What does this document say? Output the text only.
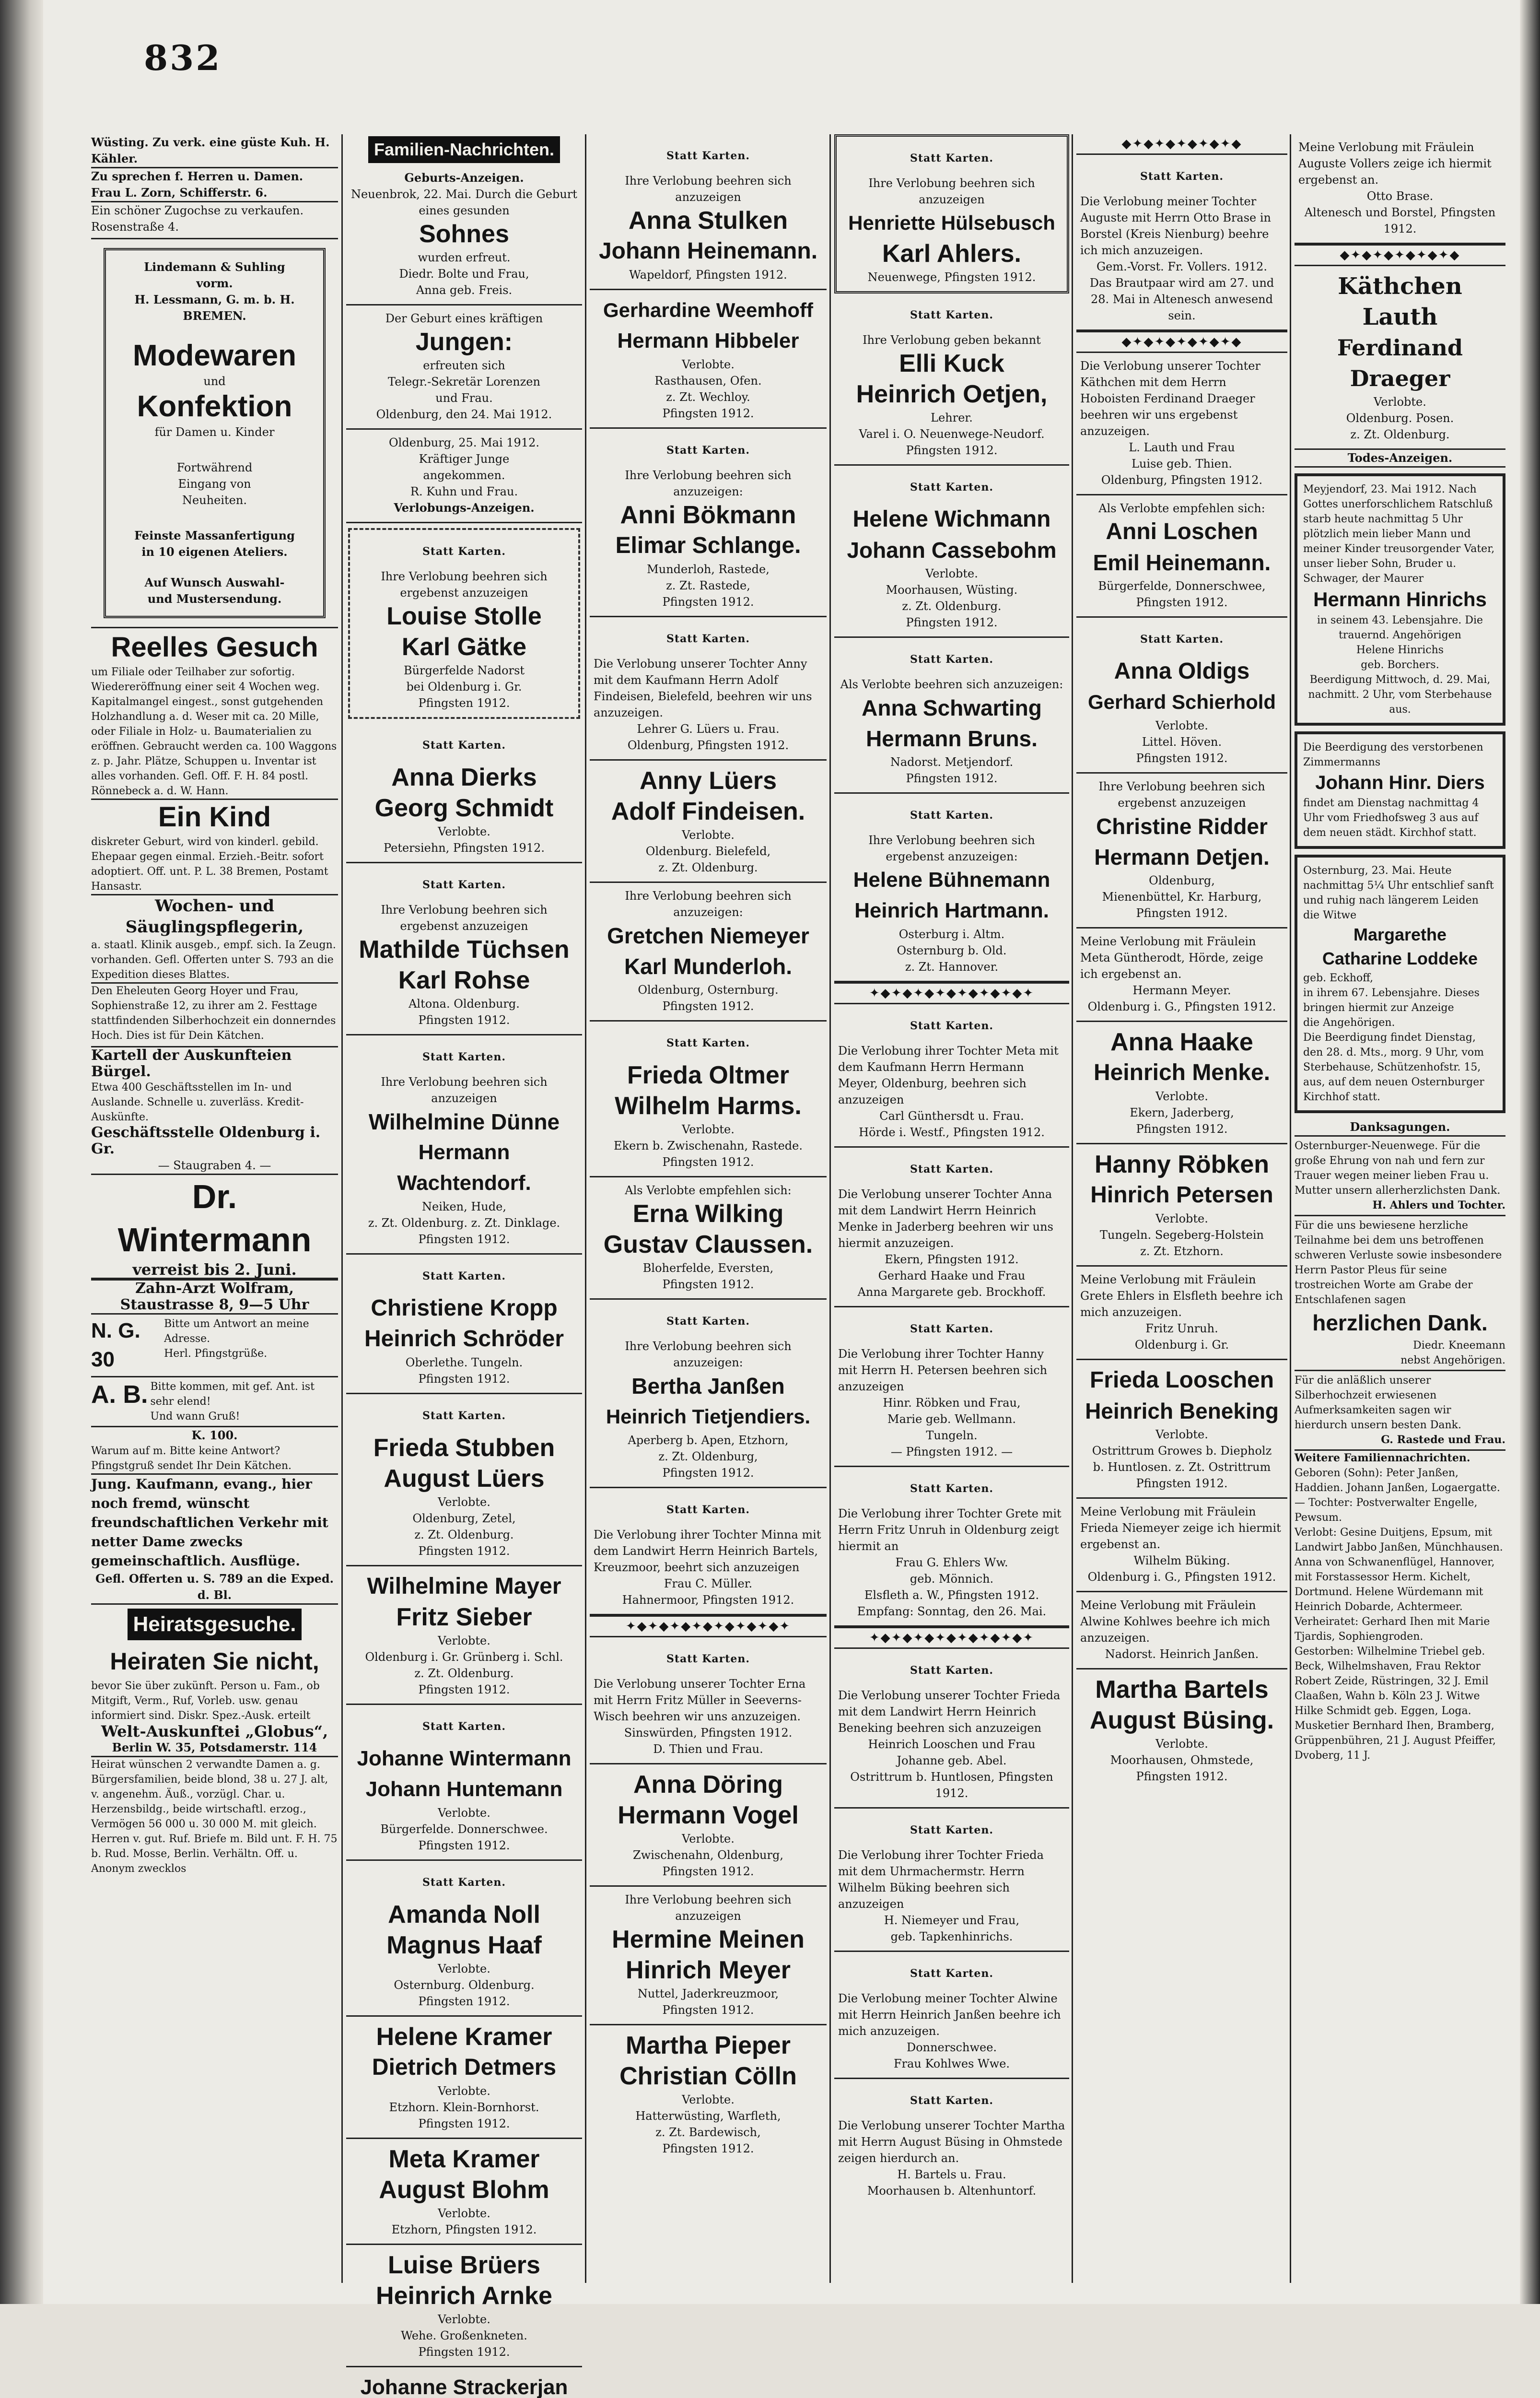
832

Wüsting. Zu verk. eine güste Kuh. H. Kähler.

Zu sprechen f. Herren u. Damen.
Frau L. Zorn, Schifferstr. 6.

Ein schöner Zugochse zu verkaufen.
Rosenstraße 4.

Lindemann & Suhling
vorm.
H. Lessmann, G. m. b. H.
BREMEN.

Modewaren

und

Konfektion

für Damen u. Kinder

Fortwährend
Eingang von
Neuheiten.

Feinste Massanfertigung
in 10 eigenen Ateliers.

Auf Wunsch Auswahl-
und Mustersendung.

Reelles Gesuch

um Filiale oder Teilhaber zur sofortig. Wiedereröffnung einer seit 4 Wochen weg. Kapitalmangel eingest., sonst gutgehenden Holzhandlung a. d. Weser mit ca. 20 Mille, oder Filiale in Holz- u. Baumaterialien zu eröffnen. Gebraucht werden ca. 100 Waggons z. p. Jahr. Plätze, Schuppen u. Inventar ist alles vorhanden. Gefl. Off. F. H. 84 postl. Rönnebeck a. d. W. Hann.

Ein Kind

diskreter Geburt, wird von kinderl. gebild. Ehepaar gegen einmal. Erzieh.-Beitr. sofort adoptiert. Off. unt. P. L. 38 Bremen, Postamt Hansastr.

Wochen- und
Säuglingspflegerin,

a. staatl. Klinik ausgeb., empf. sich. Ia Zeugn. vorhanden. Gefl. Offerten unter S. 793 an die Expedition dieses Blattes.

Den Eheleuten Georg Hoyer und Frau, Sophienstraße 12, zu ihrer am 2. Festtage stattfindenden Silberhochzeit ein donnerndes Hoch. Dies ist für Dein Kätchen.

Kartell der Auskunfteien Bürgel.

Etwa 400 Geschäftsstellen im In- und Auslande. Schnelle u. zuverläss. Kredit-Auskünfte.

Geschäftsstelle Oldenburg i. Gr.

— Staugraben 4. —

Dr. Wintermann

verreist bis 2. Juni.

Zahn-Arzt Wolfram,

Staustrasse 8, 9—5 Uhr

N. G. 30

Bitte um Antwort an meine Adresse.
Herl. Pfingstgrüße.

A. B. Bitte kommen, mit gef. Ant. ist sehr elend!
Und wann Gruß!

K. 100.

Warum auf m. Bitte keine Antwort? Pfingstgruß sendet Ihr Dein Kätchen.

Jung. Kaufmann, evang., hier noch fremd, wünscht freundschaftlichen Verkehr mit netter Dame zwecks gemeinschaftlich. Ausflüge.

Gefl. Offerten u. S. 789 an die Exped. d. Bl.

Heiratsgesuche.
Heiraten Sie nicht,

bevor Sie über zukünft. Person u. Fam., ob Mitgift, Verm., Ruf, Vorleb. usw. genau informiert sind. Diskr. Spez.-Ausk. erteilt

Welt-Auskunftei „Globus“,

Berlin W. 35, Potsdamerstr. 114

Heirat wünschen 2 verwandte Damen a. g. Bürgersfamilien, beide blond, 38 u. 27 J. alt, v. angenehm. Äuß., vorzügl. Char. u. Herzensbildg., beide wirtschaftl. erzog., Vermögen 56 000 u. 30 000 M. mit gleich. Herren v. gut. Ruf. Briefe m. Bild unt. F. H. 75 b. Rud. Mosse, Berlin. Verhältn. Off. u. Anonym zwecklos

Familien-Nachrichten.

Geburts-Anzeigen.

Neuenbrok, 22. Mai. Durch die Geburt eines gesunden

Sohnes

wurden erfreut.
Diedr. Bolte und Frau,
Anna geb. Freis.

Der Geburt eines kräftigen

Jungen:

erfreuten sich
Telegr.-Sekretär Lorenzen
und Frau.
Oldenburg, den 24. Mai 1912.

Oldenburg, 25. Mai 1912.
Kräftiger Junge
angekommen.
R. Kuhn und Frau.

Verlobungs-Anzeigen.

Statt Karten.

Ihre Verlobung beehren sich ergebenst anzuzeigen

Louise Stolle
Karl Gätke

Bürgerfelde Nadorst
bei Oldenburg i. Gr.
Pfingsten 1912.

Statt Karten.

Anna Dierks
Georg Schmidt

Verlobte.
Petersiehn, Pfingsten 1912.

Statt Karten.

Ihre Verlobung beehren sich ergebenst anzuzeigen

Mathilde Tüchsen
Karl Rohse

Altona. Oldenburg.
Pfingsten 1912.

Statt Karten.

Ihre Verlobung beehren sich anzuzeigen

Wilhelmine Dünne
Hermann Wachtendorf.

Neiken, Hude,
z. Zt. Oldenburg. z. Zt. Dinklage.
Pfingsten 1912.

Statt Karten.

Christiene Kropp
Heinrich Schröder

Oberlethe. Tungeln.
Pfingsten 1912.

Statt Karten.

Frieda Stubben
August Lüers

Verlobte.
Oldenburg, Zetel,
z. Zt. Oldenburg.
Pfingsten 1912.

Wilhelmine Mayer
Fritz Sieber

Verlobte.
Oldenburg i. Gr. Grünberg i. Schl.
z. Zt. Oldenburg.
Pfingsten 1912.

Statt Karten.

Johanne Wintermann
Johann Huntemann

Verlobte.
Bürgerfelde. Donnerschwee.
Pfingsten 1912.

Statt Karten.

Amanda Noll
Magnus Haaf

Verlobte.
Osternburg. Oldenburg.
Pfingsten 1912.

Helene Kramer
Dietrich Detmers

Verlobte.
Etzhorn. Klein-Bornhorst.
Pfingsten 1912.

Meta Kramer
August Blohm

Verlobte.
Etzhorn, Pfingsten 1912.

Luise Brüers
Heinrich Arnke

Verlobte.
Wehe. Großenkneten.
Pfingsten 1912.

Johanne Strackerjan

Statt Karten.

Ihre Verlobung beehren sich anzuzeigen

Anna Stulken
Johann Heinemann.

Wapeldorf, Pfingsten 1912.

Gerhardine Weemhoff
Hermann Hibbeler

Verlobte.
Rasthausen, Ofen.
z. Zt. Wechloy.
Pfingsten 1912.

Statt Karten.

Ihre Verlobung beehren sich anzuzeigen:

Anni Bökmann
Elimar Schlange.

Munderloh, Rastede,
z. Zt. Rastede,
Pfingsten 1912.

Statt Karten.

Die Verlobung unserer Tochter Anny mit dem Kaufmann Herrn Adolf Findeisen, Bielefeld, beehren wir uns anzuzeigen.

Lehrer G. Lüers u. Frau.
Oldenburg, Pfingsten 1912.

Anny Lüers
Adolf Findeisen.

Verlobte.
Oldenburg. Bielefeld,
z. Zt. Oldenburg.

Ihre Verlobung beehren sich anzuzeigen:

Gretchen Niemeyer
Karl Munderloh.

Oldenburg, Osternburg.
Pfingsten 1912.

Statt Karten.

Frieda Oltmer
Wilhelm Harms.

Verlobte.
Ekern b. Zwischenahn, Rastede.
Pfingsten 1912.

Als Verlobte empfehlen sich:

Erna Wilking
Gustav Claussen.

Bloherfelde, Eversten,
Pfingsten 1912.

Statt Karten.

Ihre Verlobung beehren sich anzuzeigen:

Bertha Janßen
Heinrich Tietjendiers.

Aperberg b. Apen, Etzhorn,
z. Zt. Oldenburg,
Pfingsten 1912.

Statt Karten.

Die Verlobung ihrer Tochter Minna mit dem Landwirt Herrn Heinrich Bartels, Kreuzmoor, beehrt sich anzuzeigen

Frau C. Müller.
Hahnermoor, Pfingsten 1912.

✦◆✦◆✦◆✦◆✦◆✦◆✦◆✦

Statt Karten.

Die Verlobung unserer Tochter Erna mit Herrn Fritz Müller in Seeverns-Wisch beehren wir uns anzuzeigen.

Sinswürden, Pfingsten 1912.
D. Thien und Frau.

Anna Döring
Hermann Vogel

Verlobte.
Zwischenahn, Oldenburg,
Pfingsten 1912.

Ihre Verlobung beehren sich anzuzeigen

Hermine Meinen
Hinrich Meyer

Nuttel, Jaderkreuzmoor,
Pfingsten 1912.

Martha Pieper
Christian Cölln

Verlobte.
Hatterwüsting, Warfleth,
z. Zt. Bardewisch,
Pfingsten 1912.

Statt Karten.

Ihre Verlobung beehren sich anzuzeigen

Henriette Hülsebusch
Karl Ahlers.

Neuenwege, Pfingsten 1912.

Statt Karten.

Ihre Verlobung geben bekannt

Elli Kuck
Heinrich Oetjen,

Lehrer.
Varel i. O. Neuenwege-Neudorf.
Pfingsten 1912.

Statt Karten.

Helene Wichmann
Johann Cassebohm

Verlobte.
Moorhausen, Wüsting.
z. Zt. Oldenburg.
Pfingsten 1912.

Statt Karten.

Als Verlobte beehren sich anzuzeigen:

Anna Schwarting
Hermann Bruns.

Nadorst. Metjendorf.
Pfingsten 1912.

Statt Karten.

Ihre Verlobung beehren sich ergebenst anzuzeigen:

Helene Bühnemann
Heinrich Hartmann.

Osterburg i. Altm.
Osternburg b. Old.
z. Zt. Hannover.

✦◆✦◆✦◆✦◆✦◆✦◆✦◆✦

Statt Karten.

Die Verlobung ihrer Tochter Meta mit dem Kaufmann Herrn Hermann Meyer, Oldenburg, beehren sich anzuzeigen

Carl Günthersdt u. Frau.
Hörde i. Westf., Pfingsten 1912.

Statt Karten.

Die Verlobung unserer Tochter Anna mit dem Landwirt Herrn Heinrich Menke in Jaderberg beehren wir uns hiermit anzuzeigen.

Ekern, Pfingsten 1912.
Gerhard Haake und Frau
Anna Margarete geb. Brockhoff.

Statt Karten.

Die Verlobung ihrer Tochter Hanny mit Herrn H. Petersen beehren sich anzuzeigen

Hinr. Röbken und Frau,
Marie geb. Wellmann.
Tungeln.

— Pfingsten 1912. —

Statt Karten.

Die Verlobung ihrer Tochter Grete mit Herrn Fritz Unruh in Oldenburg zeigt hiermit an

Frau G. Ehlers Ww.
geb. Mönnich.
Elsfleth a. W., Pfingsten 1912.
Empfang: Sonntag, den 26. Mai.

✦◆✦◆✦◆✦◆✦◆✦◆✦◆✦

Statt Karten.

Die Verlobung unserer Tochter Frieda mit dem Landwirt Herrn Heinrich Beneking beehren sich anzuzeigen

Heinrich Looschen und Frau
Johanne geb. Abel.
Ostrittrum b. Huntlosen, Pfingsten 1912.

Statt Karten.

Die Verlobung ihrer Tochter Frieda mit dem Uhrmachermstr. Herrn Wilhelm Büking beehren sich anzuzeigen

H. Niemeyer und Frau,
geb. Tapkenhinrichs.

Statt Karten.

Die Verlobung meiner Tochter Alwine mit Herrn Heinrich Janßen beehre ich mich anzuzeigen.

Donnerschwee.
Frau Kohlwes Wwe.

Statt Karten.

Die Verlobung unserer Tochter Martha mit Herrn August Büsing in Ohmstede zeigen hierdurch an.

H. Bartels u. Frau.
Moorhausen b. Altenhuntorf.

◆✦◆✦◆✦◆✦◆✦◆

Statt Karten.

Die Verlobung meiner Tochter Auguste mit Herrn Otto Brase in Borstel (Kreis Nienburg) beehre ich mich anzuzeigen.

Gem.-Vorst. Fr. Vollers. 1912.

Das Brautpaar wird am 27. und 28. Mai in Altenesch anwesend sein.

◆✦◆✦◆✦◆✦◆✦◆

Die Verlobung unserer Tochter Käthchen mit dem Herrn Hoboisten Ferdinand Draeger beehren wir uns ergebenst anzuzeigen.

L. Lauth und Frau
Luise geb. Thien.
Oldenburg, Pfingsten 1912.

Als Verlobte empfehlen sich:

Anni Loschen
Emil Heinemann.

Bürgerfelde, Donnerschwee,
Pfingsten 1912.

Statt Karten.

Anna Oldigs
Gerhard Schierhold

Verlobte.
Littel. Höven.
Pfingsten 1912.

Ihre Verlobung beehren sich ergebenst anzuzeigen

Christine Ridder
Hermann Detjen.

Oldenburg,
Mienenbüttel, Kr. Harburg,
Pfingsten 1912.

Meine Verlobung mit Fräulein Meta Güntherodt, Hörde, zeige ich ergebenst an.

Hermann Meyer.
Oldenburg i. G., Pfingsten 1912.

Anna Haake
Heinrich Menke.

Verlobte.
Ekern, Jaderberg,
Pfingsten 1912.

Hanny Röbken
Hinrich Petersen

Verlobte.
Tungeln. Segeberg-Holstein
z. Zt. Etzhorn.

Meine Verlobung mit Fräulein Grete Ehlers in Elsfleth beehre ich mich anzuzeigen.

Fritz Unruh.
Oldenburg i. Gr.

Frieda Looschen
Heinrich Beneking

Verlobte.
Ostrittrum Growes b. Diepholz
b. Huntlosen. z. Zt. Ostrittrum
Pfingsten 1912.

Meine Verlobung mit Fräulein Frieda Niemeyer zeige ich hiermit ergebenst an.

Wilhelm Büking.
Oldenburg i. G., Pfingsten 1912.

Meine Verlobung mit Fräulein Alwine Kohlwes beehre ich mich anzuzeigen.

Nadorst. Heinrich Janßen.

Martha Bartels
August Büsing.

Verlobte.
Moorhausen, Ohmstede,
Pfingsten 1912.

Meine Verlobung mit Fräulein Auguste Vollers zeige ich hiermit ergebenst an.

Otto Brase.
Altenesch und Borstel, Pfingsten 1912.

◆✦◆✦◆✦◆✦◆✦◆
Käthchen Lauth
Ferdinand Draeger

Verlobte.
Oldenburg. Posen.
z. Zt. Oldenburg.

Todes-Anzeigen.

Meyjendorf, 23. Mai 1912. Nach Gottes unerforschlichem Ratschluß starb heute nachmittag 5 Uhr plötzlich mein lieber Mann und meiner Kinder treusorgender Vater, unser lieber Sohn, Bruder u. Schwager, der Maurer

Hermann Hinrichs

in seinem 43. Lebensjahre. Die trauernd. Angehörigen
Helene Hinrichs
geb. Borchers.
Beerdigung Mittwoch, d. 29. Mai, nachmitt. 2 Uhr, vom Sterbehause aus.

Die Beerdigung des verstorbenen Zimmermanns

Johann Hinr. Diers

findet am Dienstag nachmittag 4 Uhr vom Friedhofsweg 3 aus auf dem neuen städt. Kirchhof statt.

Osternburg, 23. Mai. Heute nachmittag 5¼ Uhr entschlief sanft und ruhig nach längerem Leiden die Witwe

Margarethe
Catharine Loddeke

geb. Eckhoff,
in ihrem 67. Lebensjahre. Dieses bringen hiermit zur Anzeige
die Angehörigen.
Die Beerdigung findet Dienstag, den 28. d. Mts., morg. 9 Uhr, vom Sterbehause, Schützenhofstr. 15, aus, auf dem neuen Osternburger Kirchhof statt.

Danksagungen.

Osternburger-Neuenwege. Für die große Ehrung von nah und fern zur Trauer wegen meiner lieben Frau u. Mutter unsern allerherzlichsten Dank.

H. Ahlers und Tochter.

Für die uns bewiesene herzliche Teilnahme bei dem uns betroffenen schweren Verluste sowie insbesondere Herrn Pastor Pleus für seine trostreichen Worte am Grabe der Entschlafenen sagen

herzlichen Dank.

Diedr. Kneemann
nebst Angehörigen.

Für die anläßlich unserer Silberhochzeit erwiesenen Aufmerksamkeiten sagen wir hierdurch unsern besten Dank.

G. Rastede und Frau.

Weitere Familiennachrichten.

Geboren (Sohn): Peter Janßen, Haddien. Johann Janßen, Logaergatte. — Tochter: Postverwalter Engelle, Pewsum.
Verlobt: Gesine Duitjens, Epsum, mit Landwirt Jabbo Janßen, Münchhausen. Anna von Schwanenflügel, Hannover, mit Forstassessor Herm. Kichelt, Dortmund. Helene Würdemann mit Heinrich Dobarde, Achtermeer.
Verheiratet: Gerhard Ihen mit Marie Tjardis, Sophiengroden.
Gestorben: Wilhelmine Triebel geb. Beck, Wilhelmshaven, Frau Rektor Robert Zeide, Rüstringen, 32 J. Emil Claaßen, Wahn b. Köln 23 J. Witwe Hilke Schmidt geb. Eggen, Loga. Musketier Bernhard Ihen, Bramberg, Grüppenbühren, 21 J. August Pfeiffer, Dvoberg, 11 J.
